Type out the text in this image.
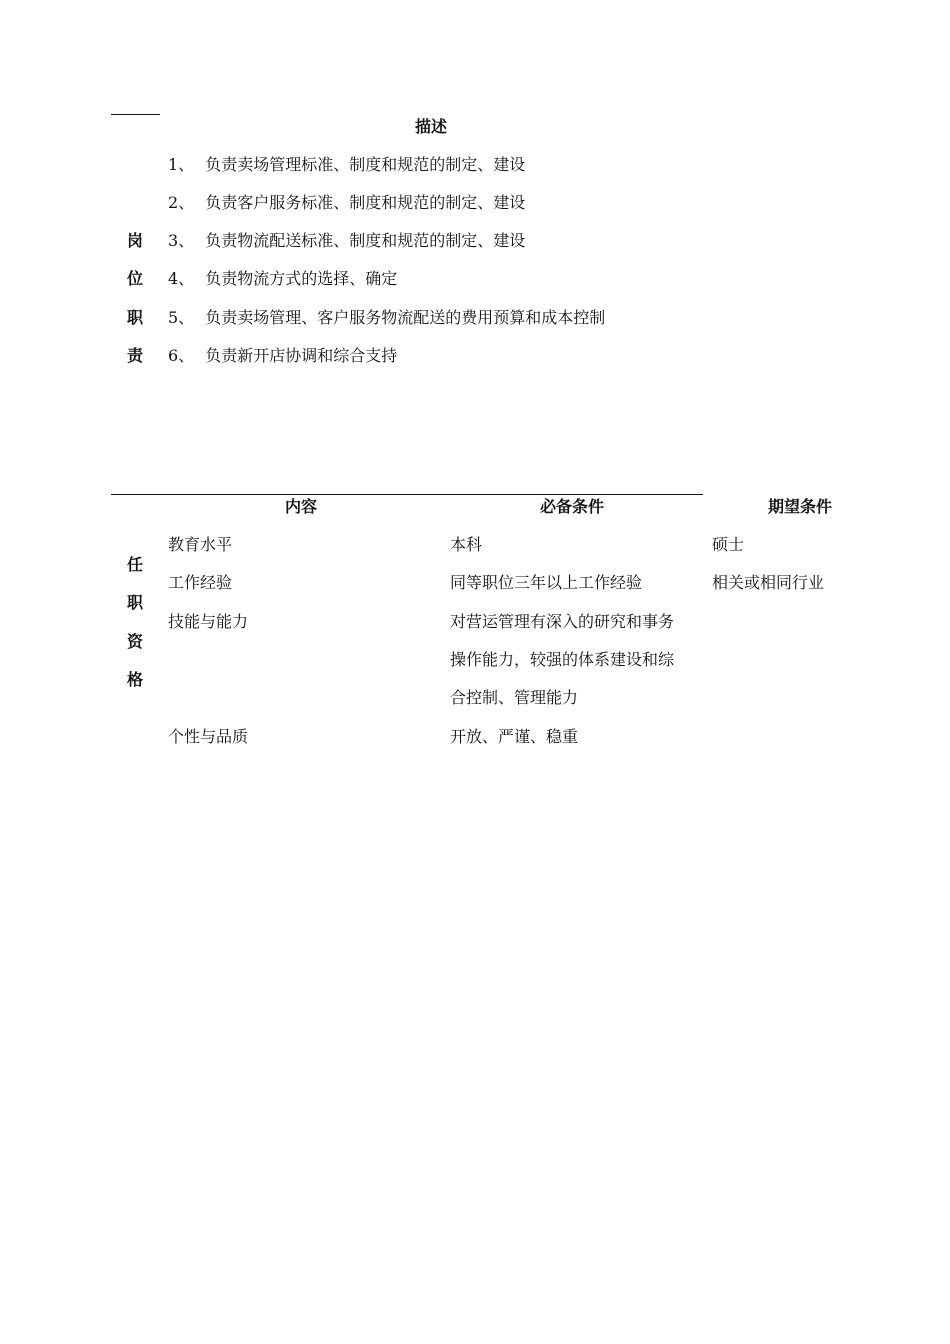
描述
岗
位
职
责
1、 负责卖场管理标准、制度和规范的制定、建设
2、 负责客户服务标准、制度和规范的制定、建设
3、 负责物流配送标准、制度和规范的制定、建设
4、 负责物流方式的选择、确定
5、 负责卖场管理、客户服务物流配送的费用预算和成本控制
6、 负责新开店协调和综合支持
内容	必备条件	期望条件
任
职
资
格
教育水平	本科	硕士
工作经验	同等职位三年以上工作经验	相关或相同行业
技能与能力	对营运管理有深入的研究和事务
操作能力，较强的体系建设和综
合控制、管理能力
个性与品质	开放、严谨、稳重
